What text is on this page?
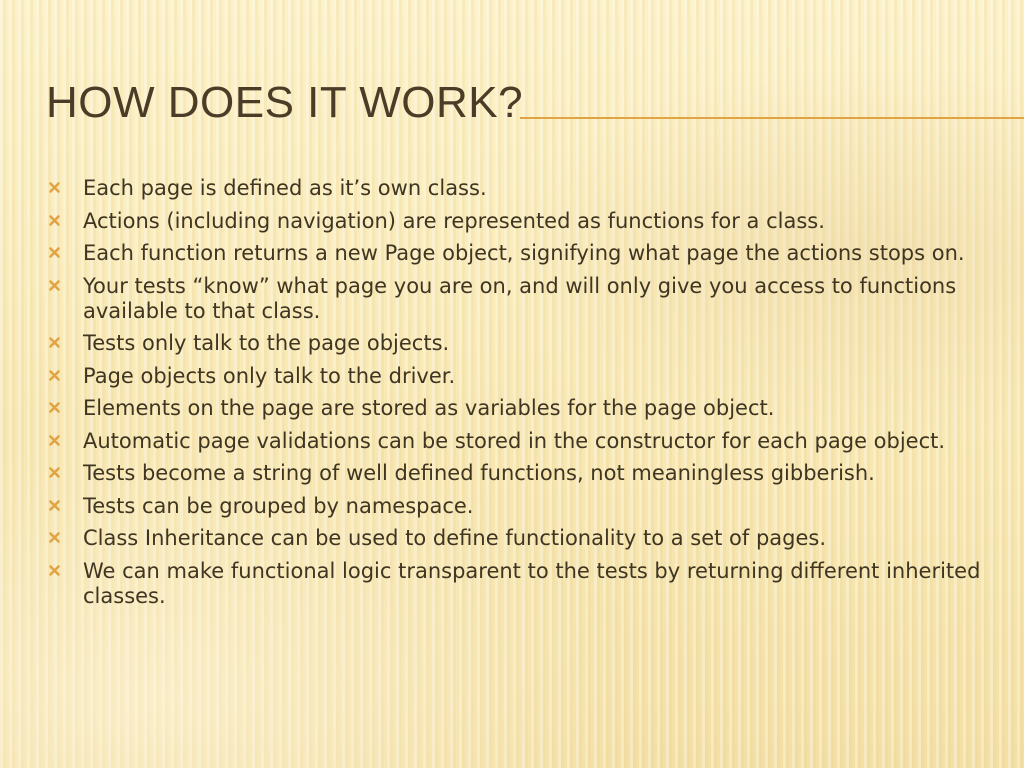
HOW DOES IT WORK?
Each page is defined as it’s own class.
Actions (including navigation) are represented as functions for a class.
Each function returns a new Page object, signifying what page the actions stops on.
Your tests “know” what page you are on, and will only give you access to functions available to that class.
Tests only talk to the page objects.
Page objects only talk to the driver.
Elements on the page are stored as variables for the page object.
Automatic page validations can be stored in the constructor for each page object.
Tests become a string of well defined functions, not meaningless gibberish.
Tests can be grouped by namespace.
Class Inheritance can be used to define functionality to a set of pages.
We can make functional logic transparent to the tests by returning different inherited classes.
